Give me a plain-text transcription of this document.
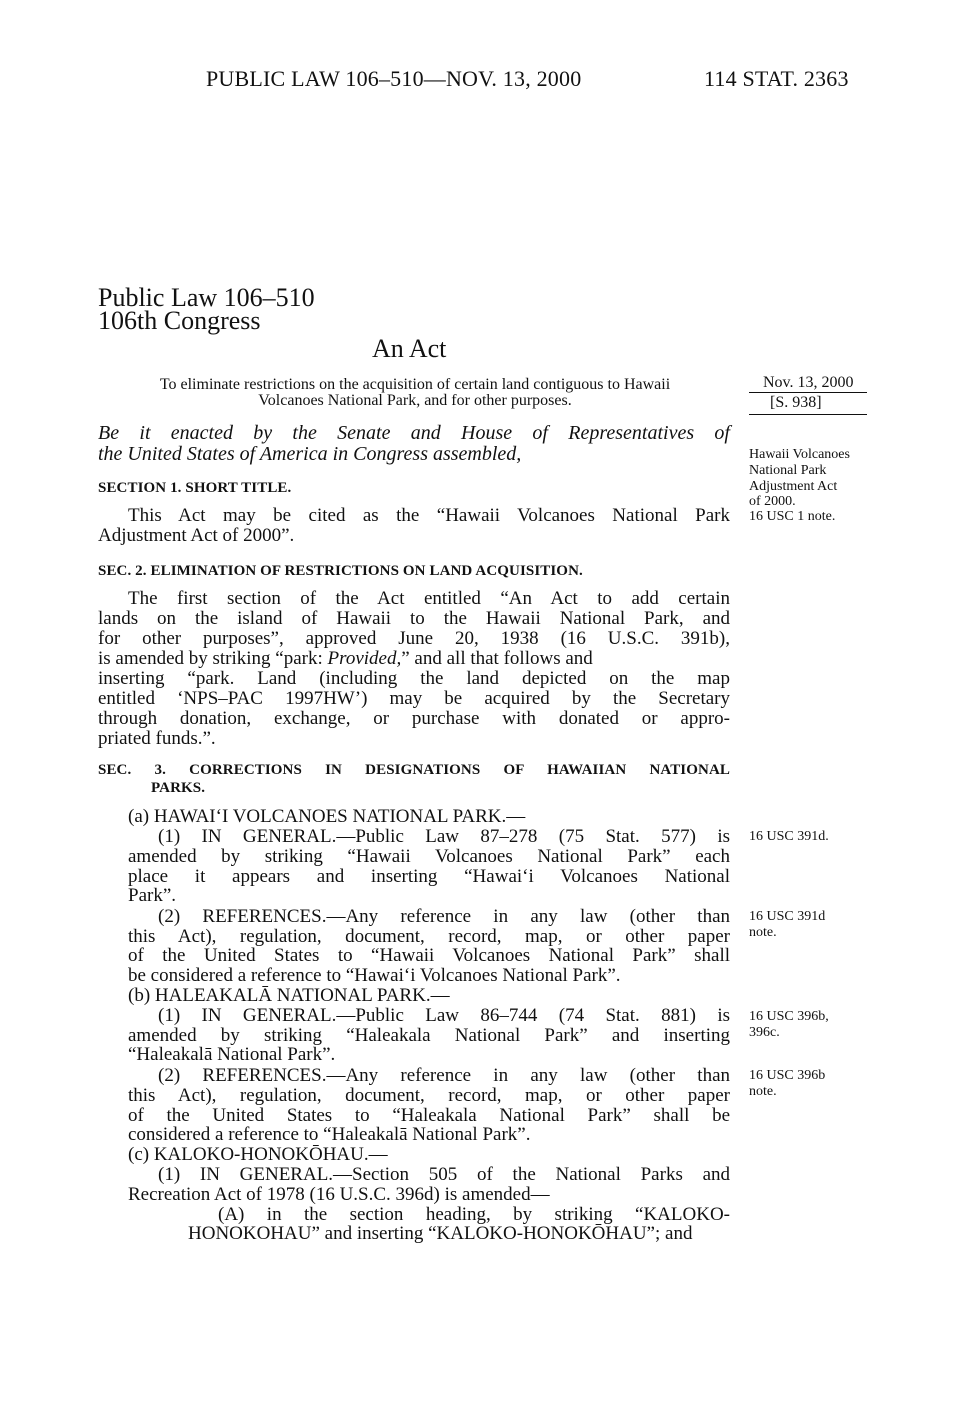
PUBLIC LAW 106–510—NOV. 13, 2000	114 STAT. 2363
Public Law 106–510
106th Congress
An Act
To eliminate restrictions on the acquisition of certain land contiguous to Hawaii
Volcanoes National Park, and for other purposes.
Nov. 13, 2000
[S. 938]
Be it enacted by the Senate and House of Representatives of
the United States of America in Congress assembled,
SECTION 1. SHORT TITLE.
This Act may be cited as the “Hawaii Volcanoes National Park
Adjustment Act of 2000”.
Hawaii Volcanoes
National Park
Adjustment Act
of 2000.
16 USC 1 note.
SEC. 2. ELIMINATION OF RESTRICTIONS ON LAND ACQUISITION.
The first section of the Act entitled “An Act to add certain
lands on the island of Hawaii to the Hawaii National Park, and
for other purposes”, approved June 20, 1938 (16 U.S.C. 391b),
is amended by striking “park: Provided,” and all that follows and
inserting “park. Land (including the land depicted on the map
entitled ‘NPS–PAC 1997HW’) may be acquired by the Secretary
through donation, exchange, or purchase with donated or appro-
priated funds.”.
SEC. 3. CORRECTIONS IN DESIGNATIONS OF HAWAIIAN NATIONAL
PARKS.
(a) HAWAI‘I VOLCANOES NATIONAL PARK.—
(1) IN GENERAL.—Public Law 87–278 (75 Stat. 577) is
amended by striking “Hawaii Volcanoes National Park” each
place it appears and inserting “Hawai‘i Volcanoes National
Park”.
(2) REFERENCES.—Any reference in any law (other than
this Act), regulation, document, record, map, or other paper
of the United States to “Hawaii Volcanoes National Park” shall
be considered a reference to “Hawai‘i Volcanoes National Park”.
(b) HALEAKALĀ NATIONAL PARK.—
(1) IN GENERAL.—Public Law 86–744 (74 Stat. 881) is
amended by striking “Haleakala National Park” and inserting
“Haleakalā National Park”.
(2) REFERENCES.—Any reference in any law (other than
this Act), regulation, document, record, map, or other paper
of the United States to “Haleakala National Park” shall be
considered a reference to “Haleakalā National Park”.
(c) KALOKO-HONOKŌHAU.—
(1) IN GENERAL.—Section 505 of the National Parks and
Recreation Act of 1978 (16 U.S.C. 396d) is amended—
(A) in the section heading, by striking “KALOKO-
HONOKOHAU” and inserting “KALOKO-HONOKŌHAU”; and
16 USC 391d.
16 USC 391d
note.
16 USC 396b,
396c.
16 USC 396b
note.
